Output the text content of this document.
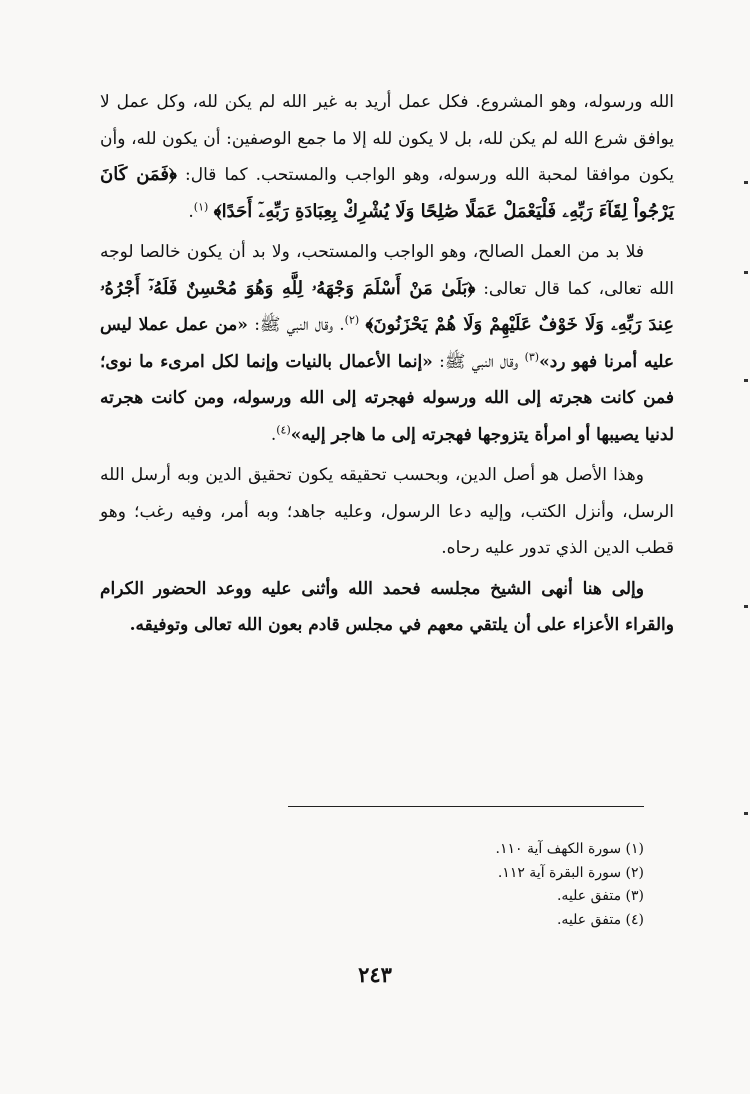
الله ورسوله، وهو المشروع. فكل عمل أريد به غير الله لم يكن لله، وكل عمل لا يوافق شرع الله لم يكن لله، بل لا يكون لله إلا ما جمع الوصفين: أن يكون لله، وأن يكون موافقا لمحبة الله ورسوله، وهو الواجب والمستحب. كما قال: ﴿فَمَن كَانَ يَرْجُواْ لِقَآءَ رَبِّهِۦ فَلْيَعْمَلْ عَمَلًا صَٰلِحًا وَلَا يُشْرِكْ بِعِبَادَةِ رَبِّهِۦٓ أَحَدًا﴾ $^{(١)}$.

فلا بد من العمل الصالح، وهو الواجب والمستحب، ولا بد أن يكون خالصا لوجه الله تعالى، كما قال تعالى: ﴿بَلَىٰ مَنْ أَسْلَمَ وَجْهَهُۥ لِلَّهِ وَهُوَ مُحْسِنٌ فَلَهُۥٓ أَجْرُهُۥ عِندَ رَبِّهِۦ وَلَا خَوْفٌ عَلَيْهِمْ وَلَا هُمْ يَحْزَنُونَ﴾ $^{(٢)}$. وقال النبي ﷺ: «من عمل عملا ليس عليه أمرنا فهو رد»$^{(٣)}$ وقال النبي ﷺ: «إنما الأعمال بالنيات وإنما لكل امرىء ما نوى؛ فمن كانت هجرته إلى الله ورسوله فهجرته إلى الله ورسوله، ومن كانت هجرته لدنيا يصيبها أو امرأة يتزوجها فهجرته إلى ما هاجر إليه»$^{(٤)}$.

وهذا الأصل هو أصل الدين، وبحسب تحقيقه يكون تحقيق الدين وبه أرسل الله الرسل، وأنزل الكتب، وإليه دعا الرسول، وعليه جاهد؛ وبه أمر، وفيه رغب؛ وهو قطب الدين الذي تدور عليه رحاه.

وإلى هنا أنهى الشيخ مجلسه فحمد الله وأثنى عليه ووعد الحضور الكرام والقراء الأعزاء على أن يلتقي معهم في مجلس قادم بعون الله تعالى وتوفيقه.

(١) سورة الكهف آية ١١٠.
(٢) سورة البقرة آية ١١٢.
(٣) متفق عليه.
(٤) متفق عليه.
٢٤٣
